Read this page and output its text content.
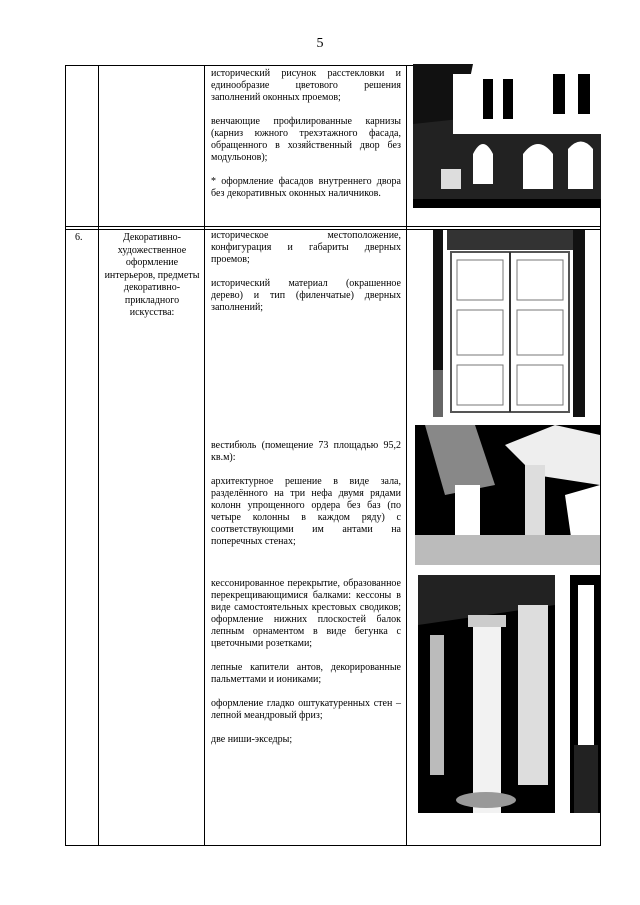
5

исторический рисунок расстекловки и единообразие цветового решения заполнений оконных проемов;

венчающие профилированные карнизы (карниз южного трехэтажного фасада, обращенного в хозяйственный двор без модульонов);

* оформление фасадов внутреннего двора без декоративных оконных наличников.

6.	Декоративно-художественное оформление интерьеров, предметы декоративно-прикладного искусства:

историческое местоположение, конфигурация и габариты дверных проемов;

исторический материал (окрашенное дерево) и тип (филенчатые) дверных заполнений;

вестибюль (помещение 73 площадью 95,2 кв.м):

архитектурное решение в виде зала, разделённого на три нефа двумя рядами колонн упрощенного ордера без баз (по четыре колонны в каждом ряду) с соответствующими им антами на поперечных стенах;

кессонированное перекрытие, образованное перекрещивающимися балками: кессоны в виде самостоятельных крестовых сводиков; оформление нижних плоскостей балок лепным орнаментом в виде бегунка с цветочными розетками;

лепные капители антов, декорированные пальметтами и иониками;

оформление гладко оштукатуренных стен – лепной меандровый фриз;

две ниши-экседры;
